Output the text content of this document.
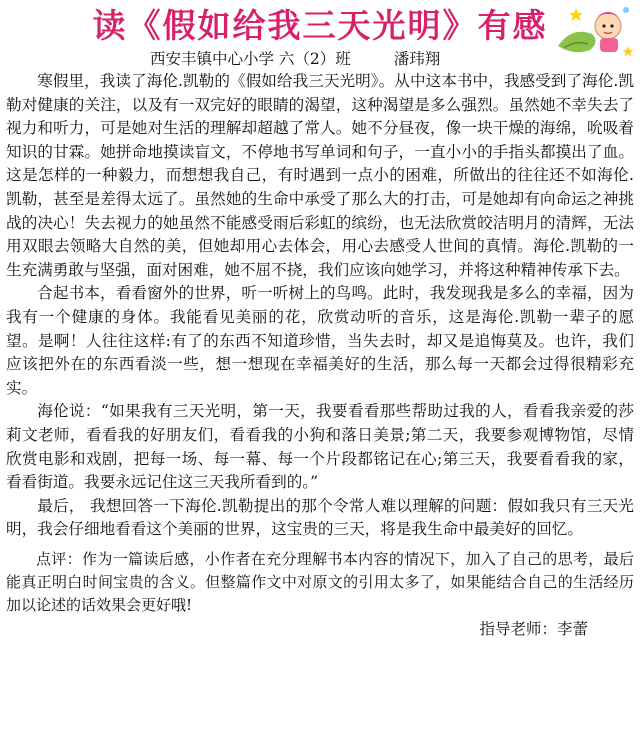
读《假如给我三天光明》有感
西安丰镇中心小学 六（2）班	潘玮翔

寒假里，我读了海伦.凯勒的《假如给我三天光明》。从中这本书中，我感受到了海伦.凯勒对健康的关注，以及有一双完好的眼睛的渴望，这种渴望是多么强烈。虽然她不幸失去了视力和听力，可是她对生活的理解却超越了常人。她不分昼夜，像一块干燥的海绵，吮吸着知识的甘霖。她拼命地摸读盲文，不停地书写单词和句子，一直小小的手指头都摸出了血。这是怎样的一种毅力，而想想我自己，有时遇到一点小的困难，所做出的往往还不如海伦.凯勒，甚至是差得太远了。虽然她的生命中承受了那么大的打击，可是她却有向命运之神挑战的决心！失去视力的她虽然不能感受雨后彩虹的缤纷，也无法欣赏皎洁明月的清辉，无法用双眼去领略大自然的美，但她却用心去体会，用心去感受人世间的真情。海伦.凯勒的一生充满勇敢与坚强，面对困难，她不屈不挠，我们应该向她学习，并将这种精神传承下去。

合起书本，看看窗外的世界，听一听树上的鸟鸣。此时，我发现我是多么的幸福，因为我有一个健康的身体。我能看见美丽的花，欣赏动听的音乐，这是海伦.凯勒一辈子的愿望。是啊！人往往这样:有了的东西不知道珍惜，当失去时，却又是追悔莫及。也许，我们应该把外在的东西看淡一些，想一想现在幸福美好的生活，那么每一天都会过得很精彩充实。

海伦说：“如果我有三天光明，第一天，我要看看那些帮助过我的人，看看我亲爱的莎莉文老师，看看我的好朋友们，看看我的小狗和落日美景;第二天，我要参观博物馆，尽情欣赏电影和戏剧，把每一场、每一幕、每一个片段都铭记在心;第三天，我要看看我的家，看看街道。我要永远记住这三天我所看到的。”

最后， 我想回答一下海伦.凯勒提出的那个令常人难以理解的问题：假如我只有三天光明，我会仔细地看看这个美丽的世界，这宝贵的三天，将是我生命中最美好的回忆。

点评：作为一篇读后感，小作者在充分理解书本内容的情况下，加入了自己的思考，最后能真正明白时间宝贵的含义。但整篇作文中对原文的引用太多了，如果能结合自己的生活经历加以论述的话效果会更好哦!

指导老师：李蕾
